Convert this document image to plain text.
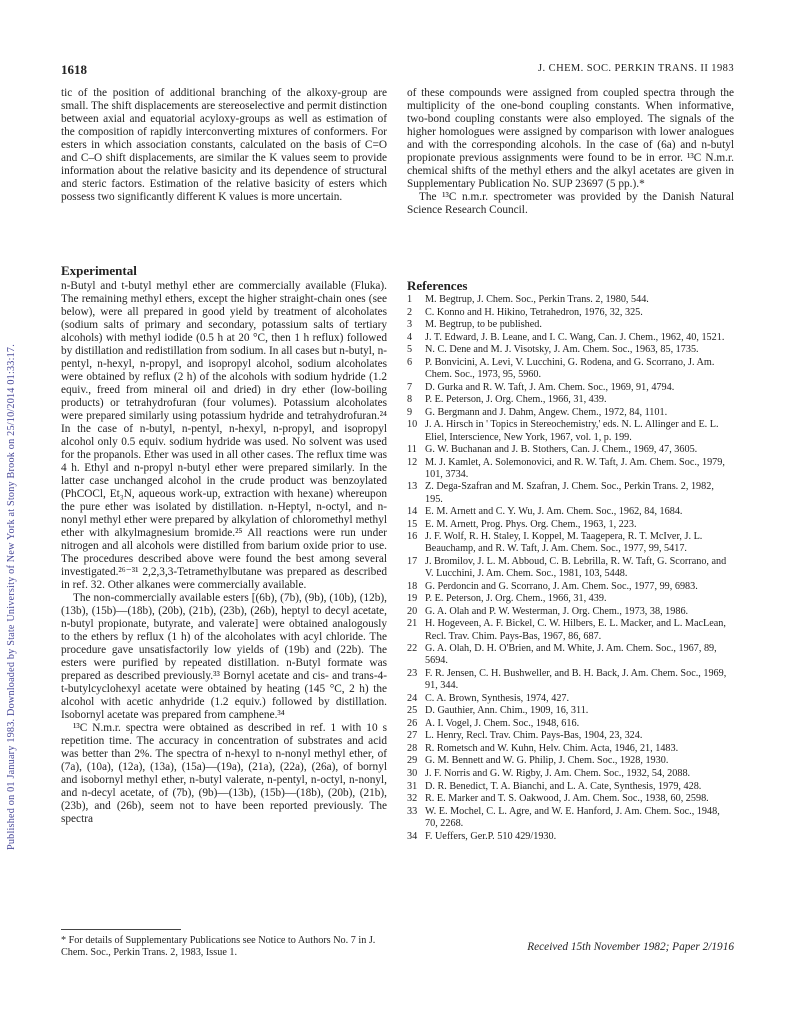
Published on 01 January 1983. Downloaded by State University of New York at Stony Brook on 25/10/2014 01:33:17.
1618	J. CHEM. SOC. PERKIN TRANS. II 1983

tic of the position of additional branching of the alkoxy-group are small. The shift displacements are stereoselective and permit distinction between axial and equatorial acyloxy-groups as well as estimation of the composition of rapidly interconverting mixtures of conformers. For esters in which association constants, calculated on the basis of C=O and C–O shift displacements, are similar the K values seem to provide information about the relative basicity and its dependence of structural and steric factors. Estimation of the relative basicity of esters which possess two significantly different K values is more uncertain.

of these compounds were assigned from coupled spectra through the multiplicity of the one-bond coupling constants. When informative, two-bond coupling constants were also employed. The signals of the higher homologues were assigned by comparison with lower analogues and with the corresponding alcohols. In the case of (6a) and n-butyl propionate previous assignments were found to be in error. ¹³C N.m.r. chemical shifts of the methyl ethers and the alkyl acetates are given in Supplementary Publication No. SUP 23697 (5 pp.).*

The ¹³C n.m.r. spectrometer was provided by the Danish Natural Science Research Council.

Experimental

n-Butyl and t-butyl methyl ether are commercially available (Fluka). The remaining methyl ethers, except the higher straight-chain ones (see below), were all prepared in good yield by treatment of alcoholates (sodium salts of primary and secondary, potassium salts of tertiary alcohols) with methyl iodide (0.5 h at 20 °C, then 1 h reflux) followed by distillation and redistillation from sodium. In all cases but n-butyl, n-pentyl, n-hexyl, n-propyl, and isopropyl alcohol, sodium alcoholates were obtained by reflux (2 h) of the alcohols with sodium hydride (1.2 equiv., freed from mineral oil and dried) in dry ether (low-boiling products) or tetrahydrofuran (four volumes). Potassium alcoholates were prepared similarly using potassium hydride and tetrahydrofuran.²⁴ In the case of n-butyl, n-pentyl, n-hexyl, n-propyl, and isopropyl alcohol only 0.5 equiv. sodium hydride was used. No solvent was used for the propanols. Ether was used in all other cases. The reflux time was 4 h. Ethyl and n-propyl n-butyl ether were prepared similarly. In the latter case unchanged alcohol in the crude product was benzoylated (PhCOCl, Et₃N, aqueous work-up, extraction with hexane) whereupon the pure ether was isolated by distillation. n-Heptyl, n-octyl, and n-nonyl methyl ether were prepared by alkylation of chloromethyl methyl ether with alkylmagnesium bromide.²⁵ All reactions were run under nitrogen and all alcohols were distilled from barium oxide prior to use. The procedures described above were found the best among several investigated.²⁶⁻³¹ 2,2,3,3-Tetramethylbutane was prepared as described in ref. 32. Other alkanes were commercially available.

The non-commercially available esters [(6b), (7b), (9b), (10b), (12b), (13b), (15b)—(18b), (20b), (21b), (23b), (26b), heptyl to decyl acetate, n-butyl propionate, butyrate, and valerate] were obtained analogously to the ethers by reflux (1 h) of the alcoholates with acyl chloride. The procedure gave unsatisfactorily low yields of (19b) and (22b). The esters were purified by repeated distillation. n-Butyl formate was prepared as described previously.³³ Bornyl acetate and cis- and trans-4-t-butylcyclohexyl acetate were obtained by heating (145 °C, 2 h) the alcohol with acetic anhydride (1.2 equiv.) followed by distillation. Isobornyl acetate was prepared from camphene.³⁴

¹³C N.m.r. spectra were obtained as described in ref. 1 with 10 s repetition time. The accuracy in concentration of substrates and acid was better than 2%. The spectra of n-hexyl to n-nonyl methyl ether, of (7a), (10a), (12a), (13a), (15a)—(19a), (21a), (22a), (26a), of bornyl and isobornyl methyl ether, n-butyl valerate, n-pentyl, n-octyl, n-nonyl, and n-decyl acetate, of (7b), (9b)—(13b), (15b)—(18b), (20b), (21b), (23b), and (26b), seem not to have been reported previously. The spectra

References
1	M. Begtrup, J. Chem. Soc., Perkin Trans. 2, 1980, 544.
2	C. Konno and H. Hikino, Tetrahedron, 1976, 32, 325.
3	M. Begtrup, to be published.
4	J. T. Edward, J. B. Leane, and I. C. Wang, Can. J. Chem., 1962, 40, 1521.
5	N. C. Dene and M. J. Visotsky, J. Am. Chem. Soc., 1963, 85, 1735.
6	P. Bonvicini, A. Levi, V. Lucchini, G. Rodena, and G. Scorrano, J. Am. Chem. Soc., 1973, 95, 5960.
7	D. Gurka and R. W. Taft, J. Am. Chem. Soc., 1969, 91, 4794.
8	P. E. Peterson, J. Org. Chem., 1966, 31, 439.
9	G. Bergmann and J. Dahm, Angew. Chem., 1972, 84, 1101.
10 J. A. Hirsch in ' Topics in Stereochemistry,' eds. N. L. Allinger and E. L. Eliel, Interscience, New York, 1967, vol. 1, p. 199.
11 G. W. Buchanan and J. B. Stothers, Can. J. Chem., 1969, 47, 3605.
12 M. J. Kamlet, A. Solemonovici, and R. W. Taft, J. Am. Chem. Soc., 1979, 101, 3734.
13 Z. Dega-Szafran and M. Szafran, J. Chem. Soc., Perkin Trans. 2, 1982, 195.
14 E. M. Arnett and C. Y. Wu, J. Am. Chem. Soc., 1962, 84, 1684.
15 E. M. Arnett, Prog. Phys. Org. Chem., 1963, 1, 223.
16 J. F. Wolf, R. H. Staley, I. Koppel, M. Taagepera, R. T. McIver, J. L. Beauchamp, and R. W. Taft, J. Am. Chem. Soc., 1977, 99, 5417.
17 J. Bromilov, J. L. M. Abboud, C. B. Lebrilla, R. W. Taft, G. Scorrano, and V. Lucchini, J. Am. Chem. Soc., 1981, 103, 5448.
18 G. Perdoncin and G. Scorrano, J. Am. Chem. Soc., 1977, 99, 6983.
19 P. E. Peterson, J. Org. Chem., 1966, 31, 439.
20 G. A. Olah and P. W. Westerman, J. Org. Chem., 1973, 38, 1986.
21 H. Hogeveen, A. F. Bickel, C. W. Hilbers, E. L. Macker, and L. MacLean, Recl. Trav. Chim. Pays-Bas, 1967, 86, 687.
22 G. A. Olah, D. H. O'Brien, and M. White, J. Am. Chem. Soc., 1967, 89, 5694.
23 F. R. Jensen, C. H. Bushweller, and B. H. Back, J. Am. Chem. Soc., 1969, 91, 344.
24 C. A. Brown, Synthesis, 1974, 427.
25 D. Gauthier, Ann. Chim., 1909, 16, 311.
26 A. I. Vogel, J. Chem. Soc., 1948, 616.
27 L. Henry, Recl. Trav. Chim. Pays-Bas, 1904, 23, 324.
28 R. Rometsch and W. Kuhn, Helv. Chim. Acta, 1946, 21, 1483.
29 G. M. Bennett and W. G. Philip, J. Chem. Soc., 1928, 1930.
30 J. F. Norris and G. W. Rigby, J. Am. Chem. Soc., 1932, 54, 2088.
31 D. R. Benedict, T. A. Bianchi, and L. A. Cate, Synthesis, 1979, 428.
32 R. E. Marker and T. S. Oakwood, J. Am. Chem. Soc., 1938, 60, 2598.
33 W. E. Mochel, C. L. Agre, and W. E. Hanford, J. Am. Chem. Soc., 1948, 70, 2268.
34 F. Ueffers, Ger.P. 510 429/1930.
* For details of Supplementary Publications see Notice to Authors No. 7 in J. Chem. Soc., Perkin Trans. 2, 1983, Issue 1.	Received 15th November 1982; Paper 2/1916
